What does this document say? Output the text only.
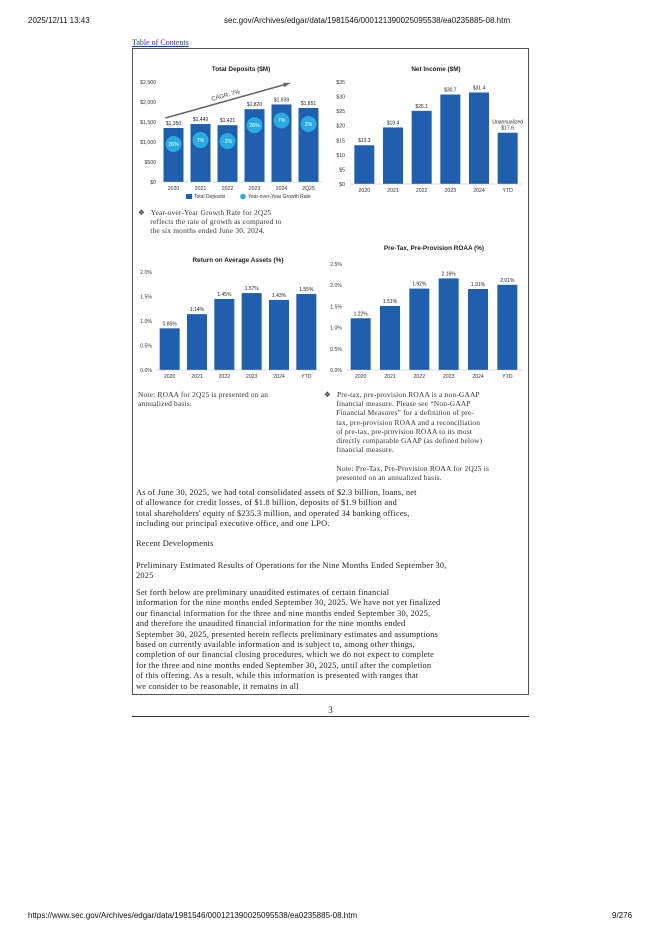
2025/12/11 13:43	sec.gov/Archives/edgar/data/1981546/000121390025095538/ea0235885-08.htm
https://www.sec.gov/Archives/edgar/data/1981546/000121390025095538/ea0235885-08.htm	9/276
Table of Contents
Total Deposits ($M)
$0
$500
$1,000
$1,500
$2,000
$2,500
$1,350
2020
$1,449
2021
$1,421
2022
$1,820
2023
$1,939
2024
$1,851
2Q25
26%
7%	-2%
28%
7%
2%
CAGR: 7%
Total Deposits	Year-over-Year Growth Rate
Net Income ($M)
$0
$5
$10
$15
$20
$25
$30
$35
$13.3
2020
$19.4
2021
$25.1
2022
$30.7
2023
$31.4
2024
Unannualized
$17.6
YTD
Return on Average Assets (%)
0.0%
0.5%
1.0%
1.5%
2.0%
0.85%
2020
1.14%
2021
1.45%
2022
1.57%
2023
1.43%
2024
1.55%
YTD
Pre-Tax, Pre-Provision ROAA (%)
0.0%
0.5%
1.0%
1.5%
2.0%
2.5%
1.22%
2020
1.51%
2021
1.92%
2022
2.16%
2023
1.91%
2024
2.01%
YTD
❖   Year-over-Year Growth Rate for 2Q25
reflects the rate of growth as compared to
the six months ended June 30, 2024.
Note: ROAA for 2Q25 is presented on an
annualized basis.
❖   Pre-tax, pre-provision ROAA is a non-GAAP
financial measure. Please see “Non-GAAP
Financial Measures” for a definition of pre-
tax, pre-provision ROAA and a reconciliation
of pre-tax, pre-provision ROAA to its most
directly comparable GAAP (as defined below)
financial measure.
Note: Pre-Tax, Pre-Provision ROAA for 2Q25 is
presented on an annualized basis.
As of June 30, 2025, we had total consolidated assets of $2.3 billion, loans, net
of allowance for credit losses, of $1.8 billion, deposits of $1.9 billion and
total shareholders' equity of $235.3 million, and operated 34 banking offices,
including our principal executive office, and one LPO.
Recent Developments
Preliminary Estimated Results of Operations for the Nine Months Ended September 30,
2025
Set forth below are preliminary unaudited estimates of certain financial
information for the nine months ended September 30, 2025. We have not yet finalized
our financial information for the three and nine months ended September 30, 2025,
and therefore the unaudited financial information for the nine months ended
September 30, 2025, presented herein reflects preliminary estimates and assumptions
based on currently available information and is subject to, among other things,
completion of our financial closing procedures, which we do not expect to complete
for the three and nine months ended September 30, 2025, until after the completion
of this offering. As a result, while this information is presented with ranges that
we consider to be reasonable, it remains in all
3
